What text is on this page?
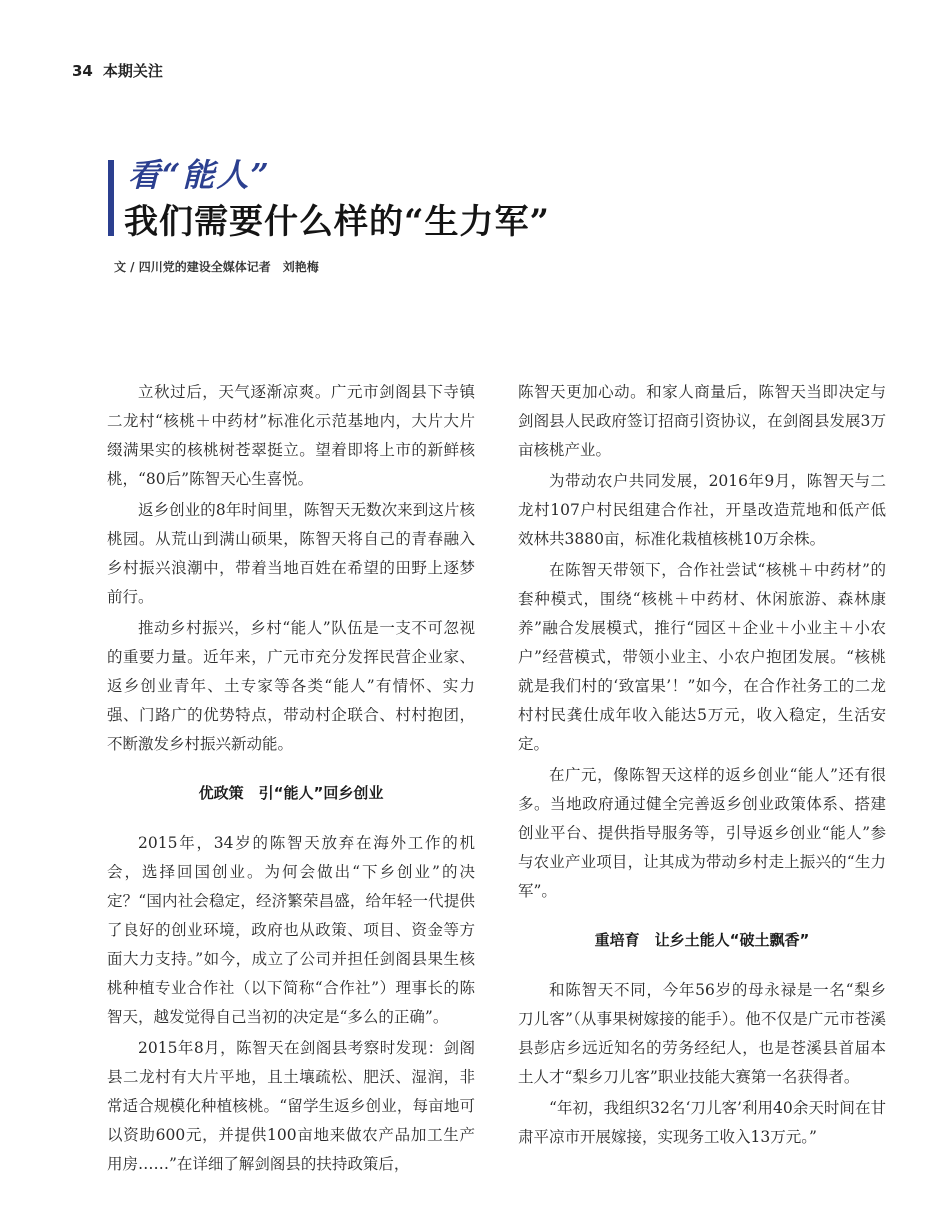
34 本期关注
看“能人”
我们需要什么样的“生力军”
文 / 四川党的建设全媒体记者　刘艳梅

立秋过后，天气逐渐凉爽。广元市剑阁县下寺镇二龙村“核桃＋中药材”标准化示范基地内，大片大片缀满果实的核桃树苍翠挺立。望着即将上市的新鲜核桃，“80后”陈智天心生喜悦。

返乡创业的8年时间里，陈智天无数次来到这片核桃园。从荒山到满山硕果，陈智天将自己的青春融入乡村振兴浪潮中，带着当地百姓在希望的田野上逐梦前行。

推动乡村振兴，乡村“能人”队伍是一支不可忽视的重要力量。近年来，广元市充分发挥民营企业家、返乡创业青年、土专家等各类“能人”有情怀、实力强、门路广的优势特点，带动村企联合、村村抱团，不断激发乡村振兴新动能。

优政策　引“能人”回乡创业

2015年，34岁的陈智天放弃在海外工作的机会，选择回国创业。为何会做出“下乡创业”的决定？“国内社会稳定，经济繁荣昌盛，给年轻一代提供了良好的创业环境，政府也从政策、项目、资金等方面大力支持。”如今，成立了公司并担任剑阁县果生核桃种植专业合作社（以下简称“合作社”）理事长的陈智天，越发觉得自己当初的决定是“多么的正确”。

2015年8月，陈智天在剑阁县考察时发现：剑阁县二龙村有大片平地，且土壤疏松、肥沃、湿润，非常适合规模化种植核桃。“留学生返乡创业，每亩地可以资助600元，并提供100亩地来做农产品加工生产用房……”在详细了解剑阁县的扶持政策后，

陈智天更加心动。和家人商量后，陈智天当即决定与剑阁县人民政府签订招商引资协议，在剑阁县发展3万亩核桃产业。

为带动农户共同发展，2016年9月，陈智天与二龙村107户村民组建合作社，开垦改造荒地和低产低效林共3880亩，标准化栽植核桃10万余株。

在陈智天带领下，合作社尝试“核桃＋中药材”的套种模式，围绕“核桃＋中药材、休闲旅游、森林康养”融合发展模式，推行“园区＋企业＋小业主＋小农户”经营模式，带领小业主、小农户抱团发展。“核桃就是我们村的‘致富果’！”如今，在合作社务工的二龙村村民龚仕成年收入能达5万元，收入稳定，生活安定。

在广元，像陈智天这样的返乡创业“能人”还有很多。当地政府通过健全完善返乡创业政策体系、搭建创业平台、提供指导服务等，引导返乡创业“能人”参与农业产业项目，让其成为带动乡村走上振兴的“生力军”。

重培育　让乡土能人“破土飘香”

和陈智天不同，今年56岁的母永禄是一名“梨乡刀儿客”（从事果树嫁接的能手）。他不仅是广元市苍溪县彭店乡远近知名的劳务经纪人，也是苍溪县首届本土人才“梨乡刀儿客”职业技能大赛第一名获得者。

“年初，我组织32名‘刀儿客’利用40余天时间在甘肃平凉市开展嫁接，实现务工收入13万元。”
